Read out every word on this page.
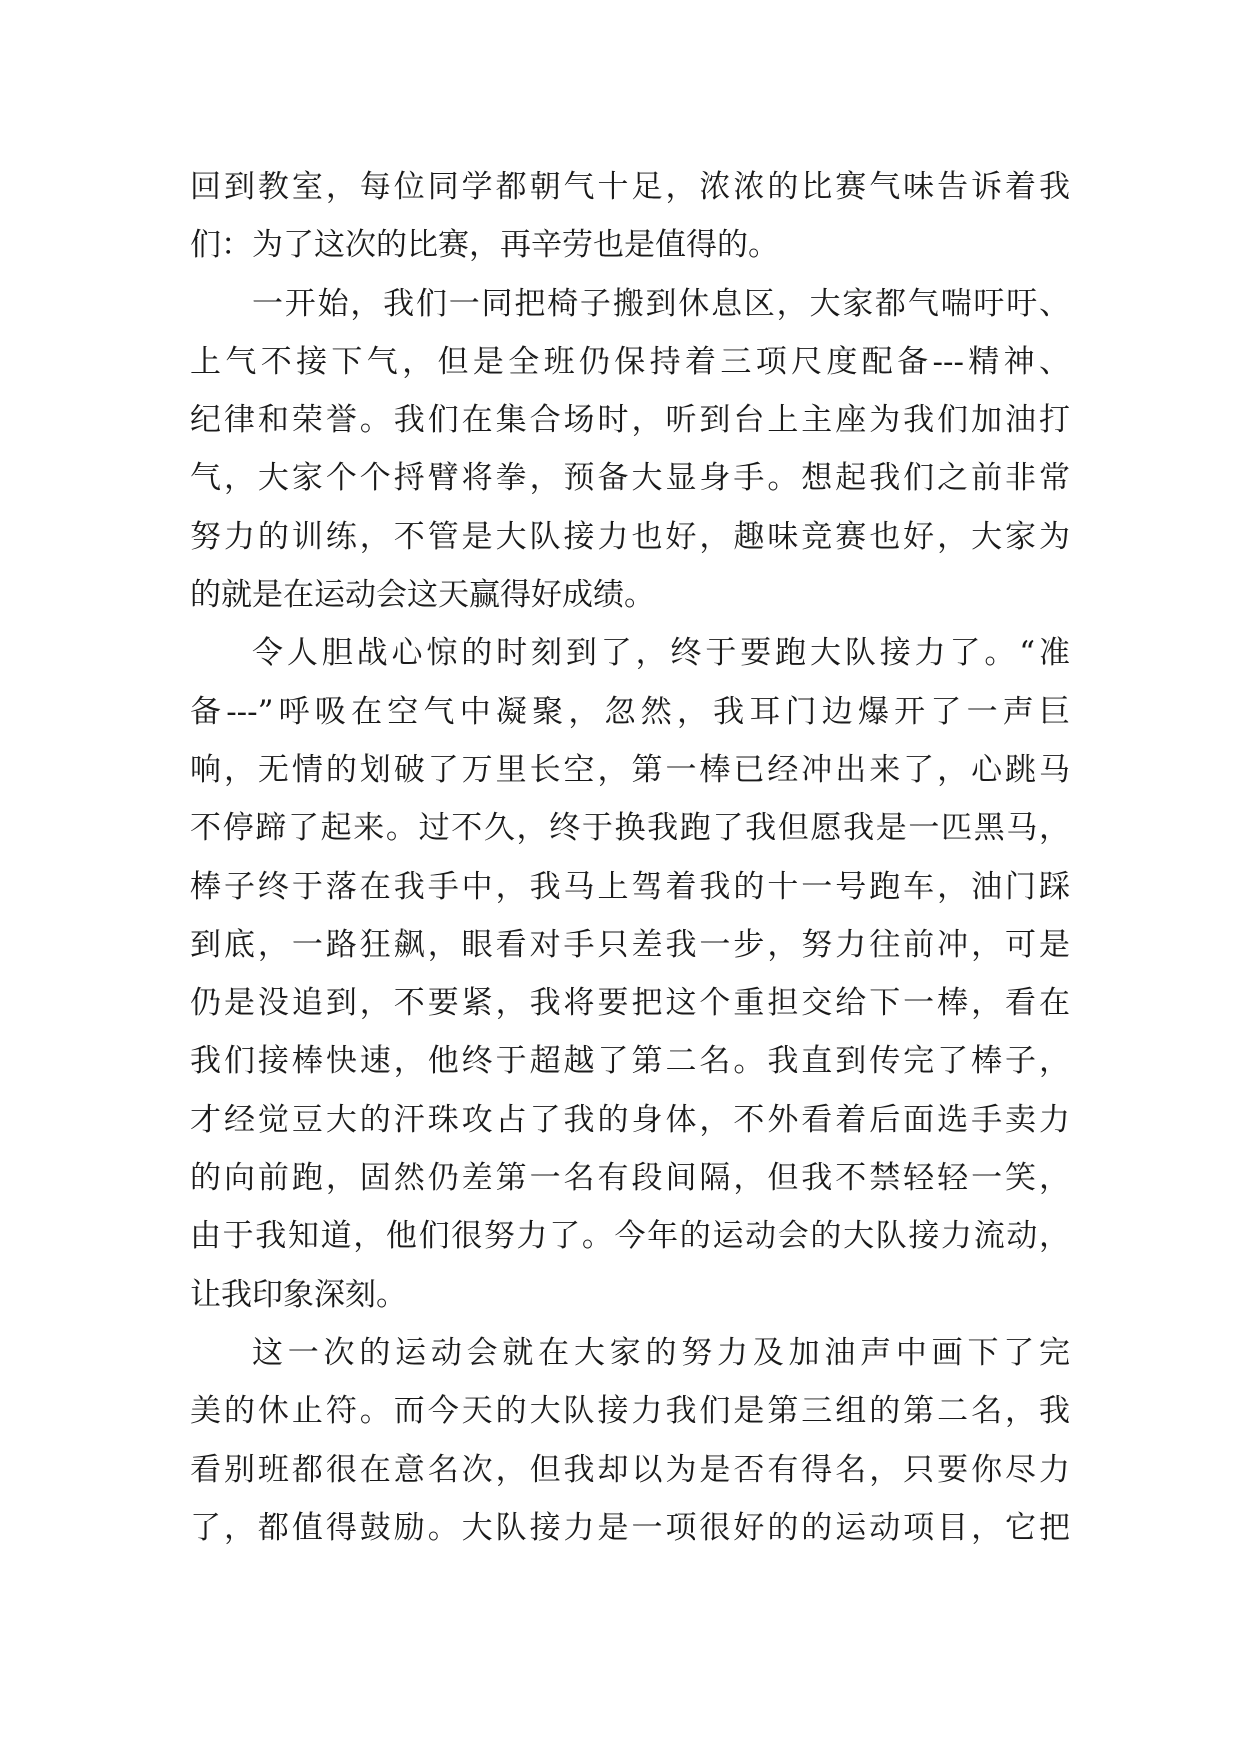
回到教室，每位同学都朝气十足，浓浓的比赛气味告诉着我
们：为了这次的比赛，再辛劳也是值得的。
一开始，我们一同把椅子搬到休息区，大家都气喘吁吁、
上气不接下气，但是全班仍保持着三项尺度配备---精神、
纪律和荣誉。我们在集合场时，听到台上主座为我们加油打
气，大家个个捋臂将拳，预备大显身手。想起我们之前非常
努力的训练，不管是大队接力也好，趣味竞赛也好，大家为
的就是在运动会这天赢得好成绩。
令人胆战心惊的时刻到了，终于要跑大队接力了。“准
备---”呼吸在空气中凝聚，忽然，我耳门边爆开了一声巨
响，无情的划破了万里长空，第一棒已经冲出来了，心跳马
不停蹄了起来。过不久，终于换我跑了我但愿我是一匹黑马，
棒子终于落在我手中，我马上驾着我的十一号跑车，油门踩
到底，一路狂飙，眼看对手只差我一步，努力往前冲，可是
仍是没追到，不要紧，我将要把这个重担交给下一棒，看在
我们接棒快速，他终于超越了第二名。我直到传完了棒子，
才经觉豆大的汗珠攻占了我的身体，不外看着后面选手卖力
的向前跑，固然仍差第一名有段间隔，但我不禁轻轻一笑，
由于我知道，他们很努力了。今年的运动会的大队接力流动，
让我印象深刻。
这一次的运动会就在大家的努力及加油声中画下了完
美的休止符。而今天的大队接力我们是第三组的第二名，我
看别班都很在意名次，但我却以为是否有得名，只要你尽力
了，都值得鼓励。大队接力是一项很好的的运动项目，它把
